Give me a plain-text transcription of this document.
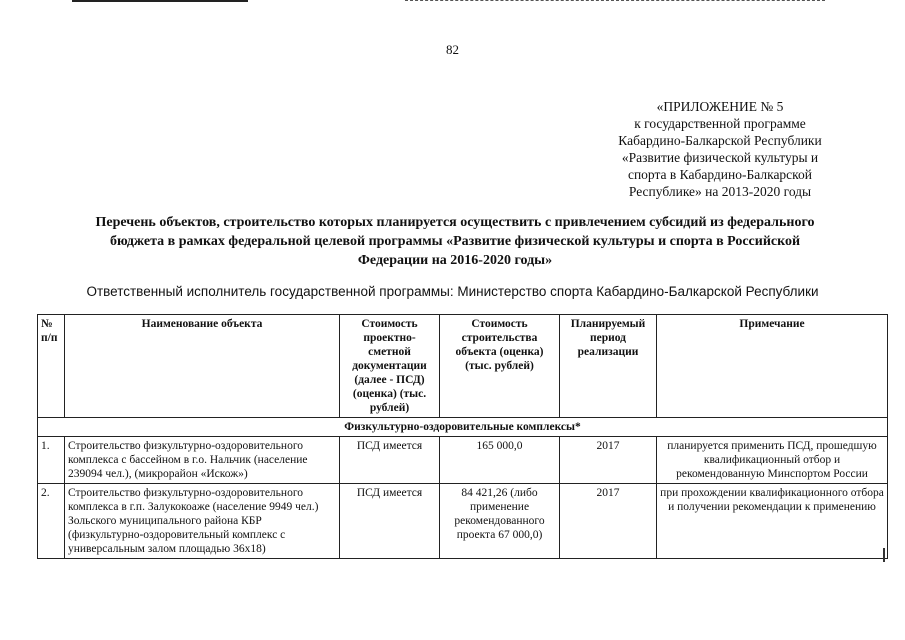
82
«ПРИЛОЖЕНИЕ № 5
к государственной программе
Кабардино-Балкарской Республики
«Развитие физической культуры и
спорта в Кабардино-Балкарской
Республике» на 2013-2020 годы
Перечень объектов, строительство которых планируется осуществить с привлечением субсидий из федерального
бюджета в рамках федеральной целевой программы «Развитие физической культуры и спорта в Российской
Федерации на 2016-2020 годы»
Ответственный исполнитель государственной программы: Министерство спорта Кабардино-Балкарской Республики
№ п/п	Наименование объекта	Стоимость проектно-сметной документации (далее - ПСД) (оценка) (тыс. рублей)	Стоимость строительства объекта (оценка) (тыс. рублей)	Планируемый период реализации	Примечание
Физкультурно-оздоровительные комплексы*					
1.	Строительство физкультурно-оздоровительного комплекса с бассейном в г.о. Нальчик (население 239094 чел.), (микрорайон «Искож»)	ПСД имеется	165 000,0	2017	планируется применить ПСД, прошедшую квалификационный отбор и рекомендованную Минспортом России
2.	Строительство физкультурно-оздоровительного комплекса в г.п. Залукокоаже (население 9949 чел.) Зольского муниципального района КБР (физкультурно-оздоровительный комплекс с универсальным залом площадью 36х18)	ПСД имеется	84 421,26 (либо применение рекомендованного проекта 67 000,0)	2017	при прохождении квалификационного отбора и получении рекомендации к применению
